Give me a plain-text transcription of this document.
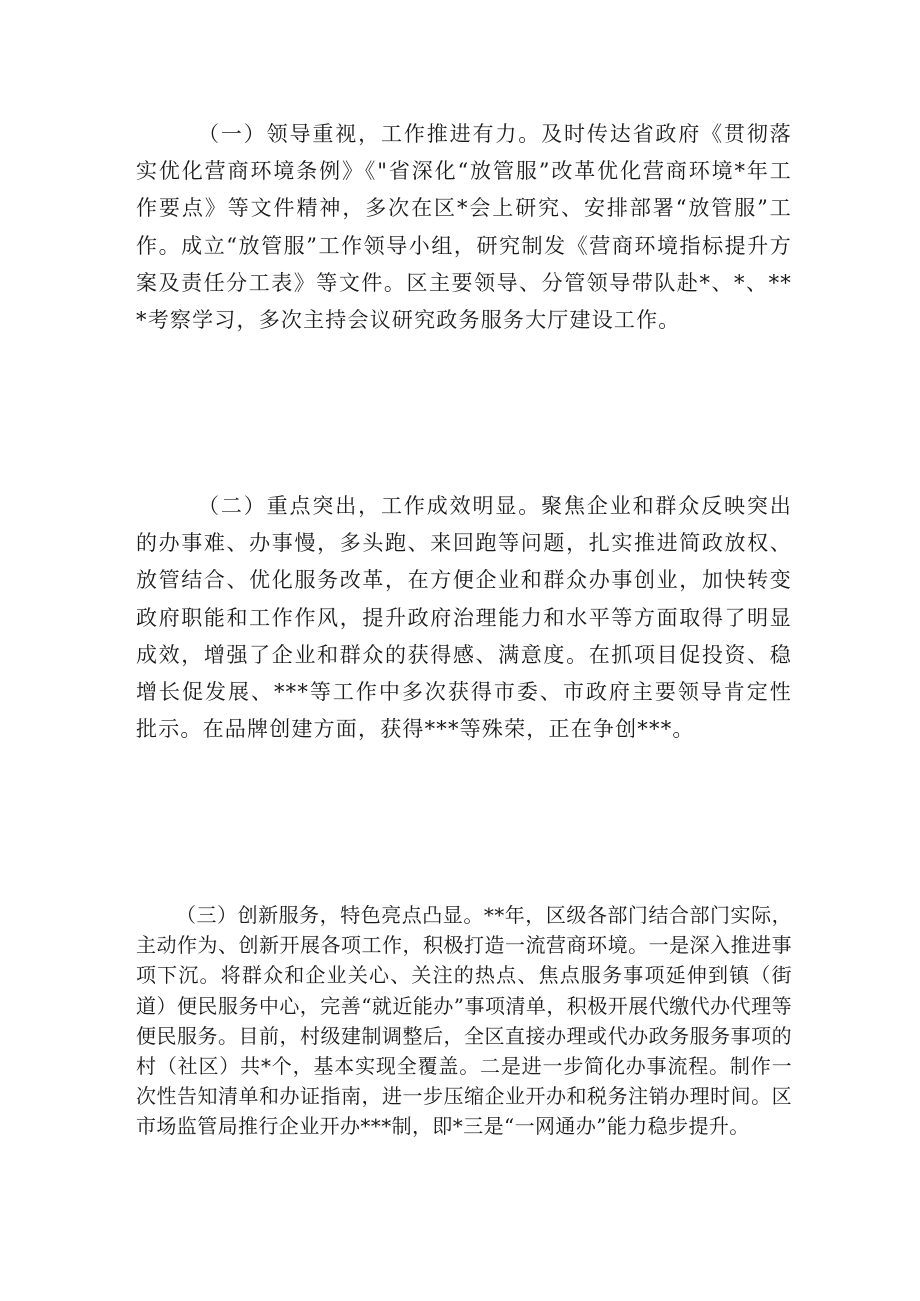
（一）领导重视，工作推进有力。及时传达省政府《贯彻落实优化营商环境条例》《"省深化“放管服”改革优化营商环境*年工作要点》等文件精神，多次在区*会上研究、安排部署“放管服”工作。成立“放管服”工作领导小组，研究制发《营商环境指标提升方案及责任分工表》等文件。区主要领导、分管领导带队赴*、*、***考察学习，多次主持会议研究政务服务大厅建设工作。

（二）重点突出，工作成效明显。聚焦企业和群众反映突出的办事难、办事慢，多头跑、来回跑等问题，扎实推进简政放权、放管结合、优化服务改革，在方便企业和群众办事创业，加快转变政府职能和工作作风，提升政府治理能力和水平等方面取得了明显成效，增强了企业和群众的获得感、满意度。在抓项目促投资、稳增长促发展、***等工作中多次获得市委、市政府主要领导肯定性批示。在品牌创建方面，获得***等殊荣，正在争创***。

（三）创新服务，特色亮点凸显。**年，区级各部门结合部门实际，主动作为、创新开展各项工作，积极打造一流营商环境。一是深入推进事项下沉。将群众和企业关心、关注的热点、焦点服务事项延伸到镇（街道）便民服务中心，完善“就近能办”事项清单，积极开展代缴代办代理等便民服务。目前，村级建制调整后，全区直接办理或代办政务服务事项的村（社区）共*个，基本实现全覆盖。二是进一步简化办事流程。制作一次性告知清单和办证指南，进一步压缩企业开办和税务注销办理时间。区市场监管局推行企业开办***制，即*三是“一网通办”能力稳步提升。
